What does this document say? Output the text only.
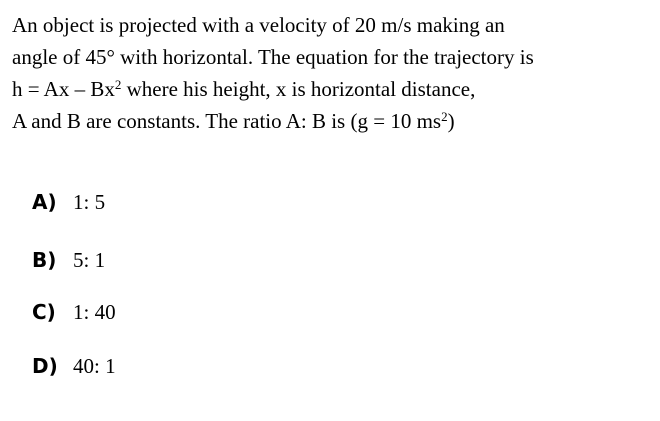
An object is projected with a velocity of 20 m/s making an
angle of 45° with horizontal. The equation for the trajectory is
h = Ax – Bx$^2$ where his height, x is horizontal distance,
A and B are constants. The ratio A: B is (g = 10 $ms^2$)
A) 1: 5
B) 5: 1
C) 1: 40
D) 40: 1
